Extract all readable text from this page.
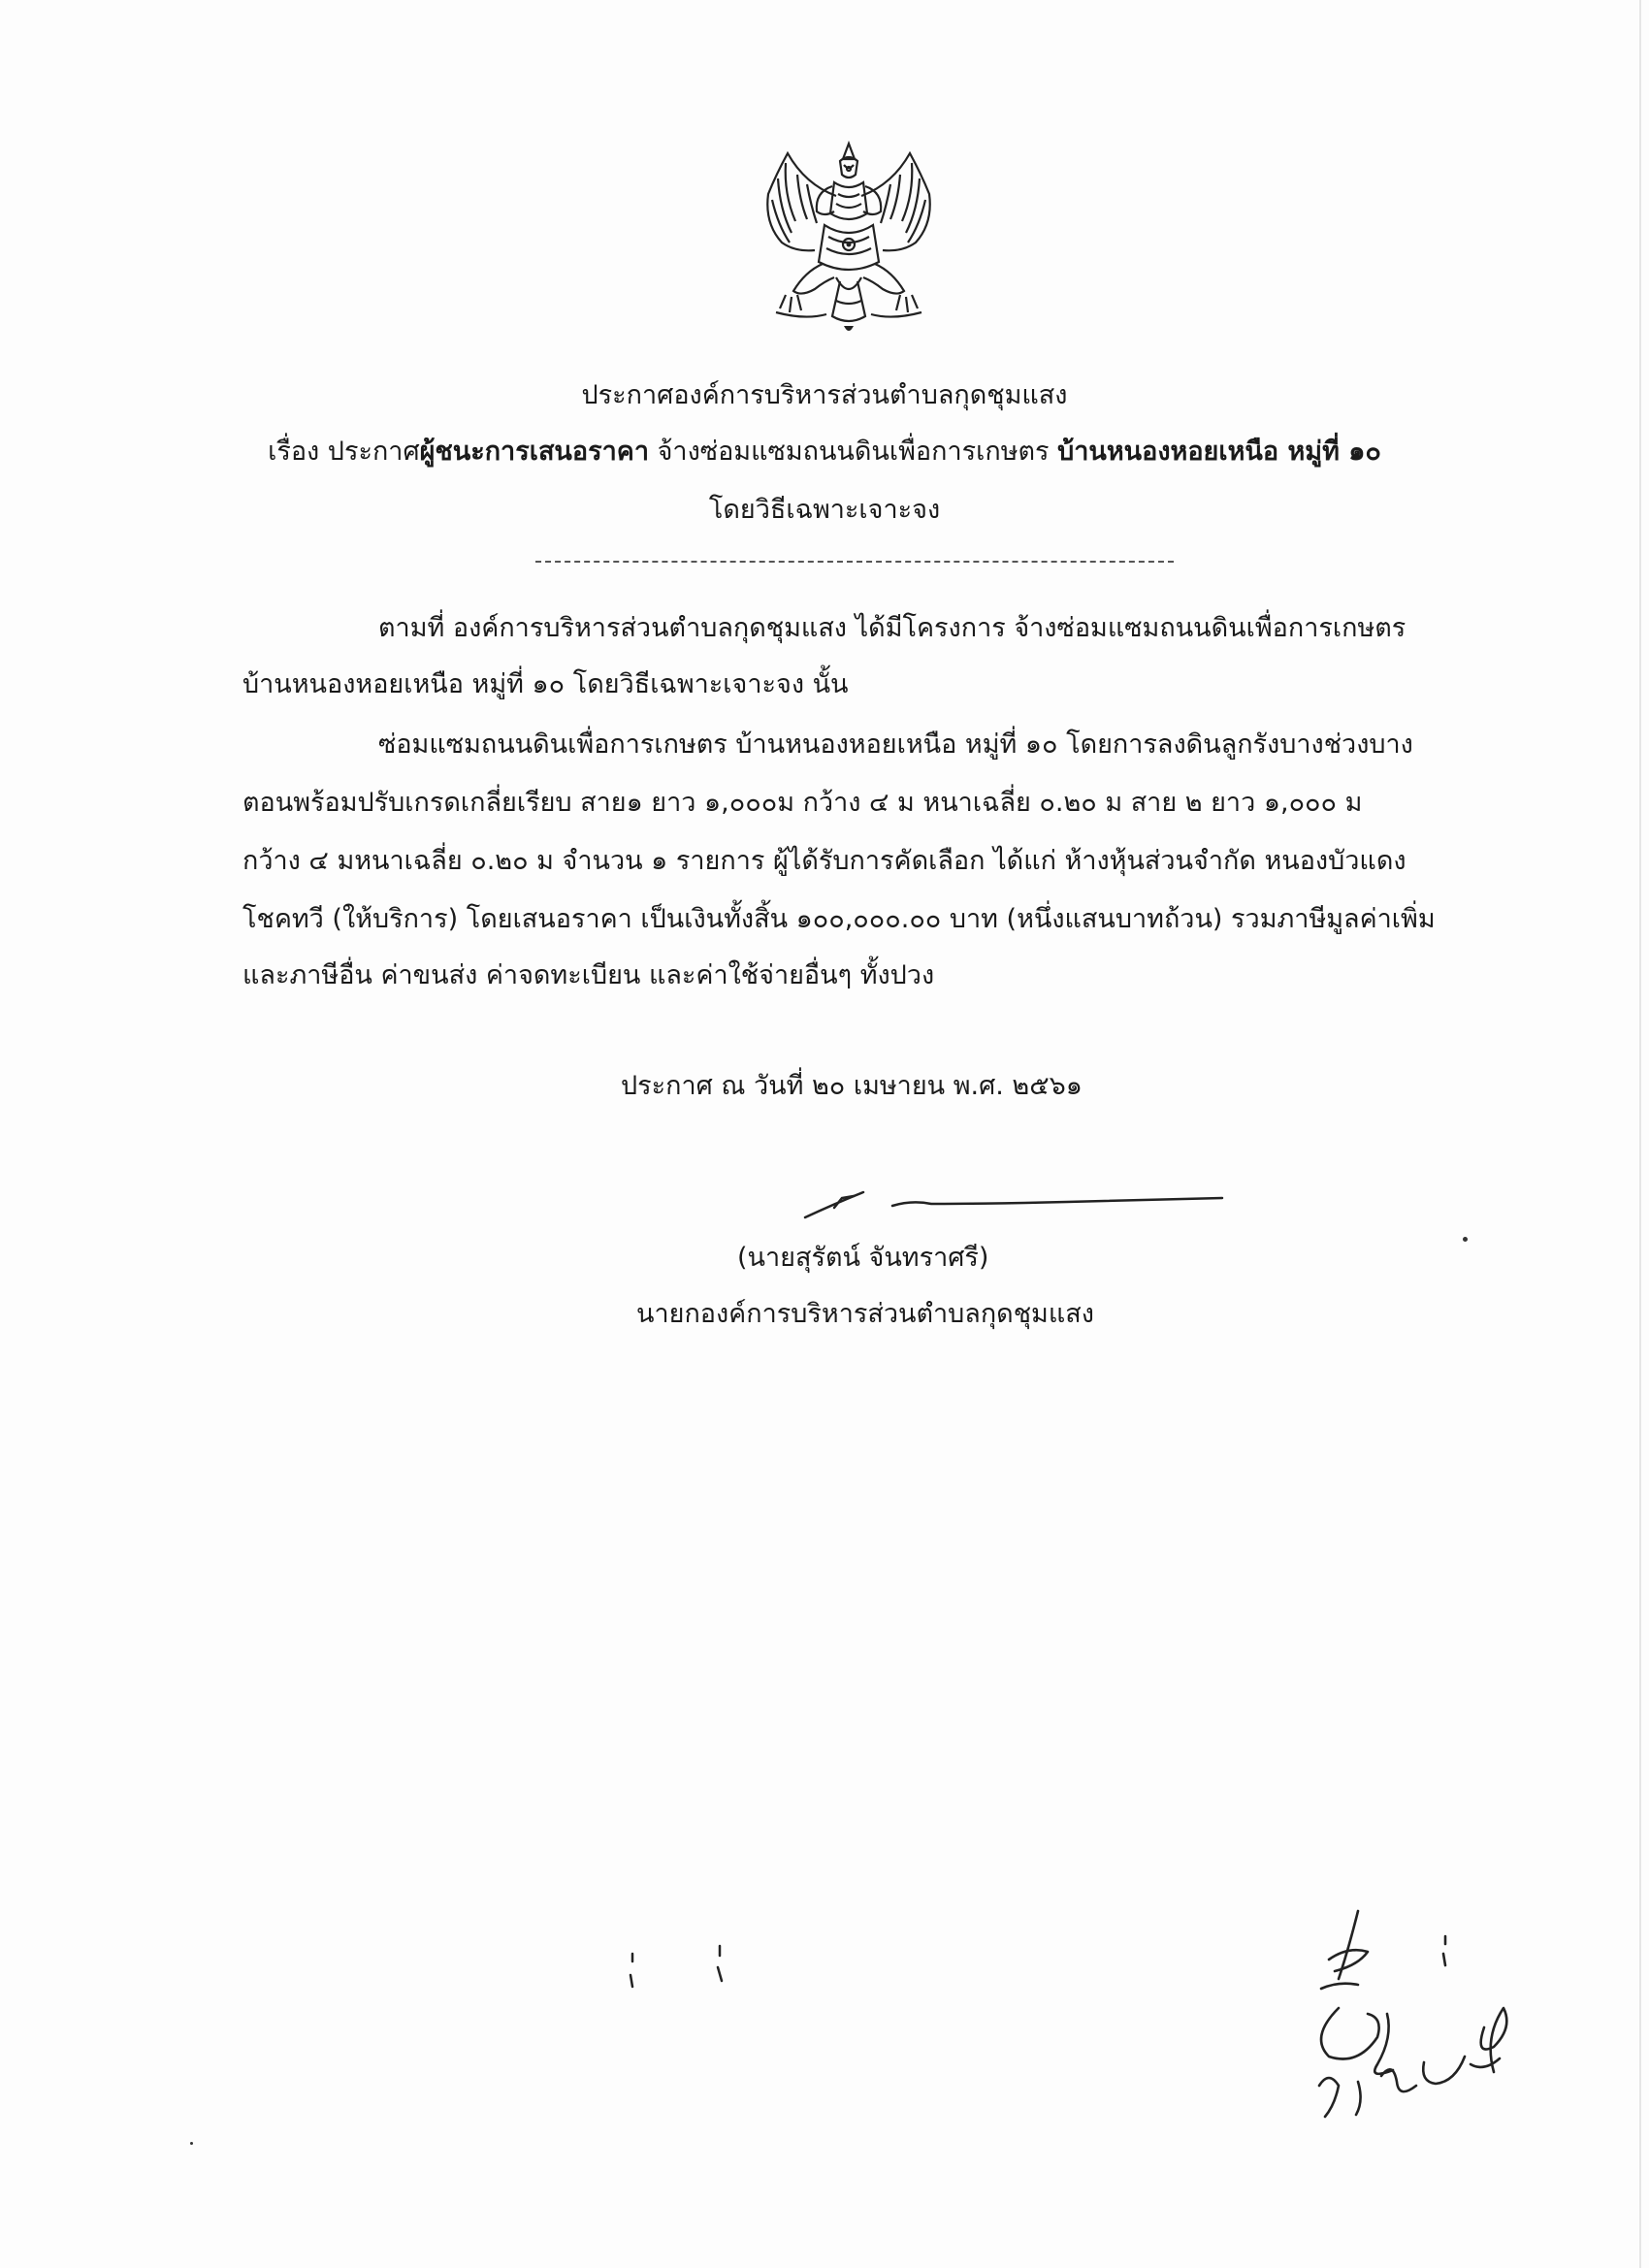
ประกาศองค์การบริหารส่วนตำบลกุดชุมแสง
เรื่อง ประกาศผู้ชนะการเสนอราคา จ้างซ่อมแซมถนนดินเพื่อการเกษตร บ้านหนองหอยเหนือ หมู่ที่ ๑๐
โดยวิธีเฉพาะเจาะจง
ตามที่ องค์การบริหารส่วนตำบลกุดชุมแสง ได้มีโครงการ จ้างซ่อมแซมถนนดินเพื่อการเกษตร
บ้านหนองหอยเหนือ หมู่ที่ ๑๐ โดยวิธีเฉพาะเจาะจง นั้น
ซ่อมแซมถนนดินเพื่อการเกษตร บ้านหนองหอยเหนือ หมู่ที่ ๑๐ โดยการลงดินลูกรังบางช่วงบาง
ตอนพร้อมปรับเกรดเกลี่ยเรียบ สาย๑ ยาว ๑,๐๐๐ม กว้าง ๔ ม หนาเฉลี่ย ๐.๒๐ ม สาย ๒ ยาว ๑,๐๐๐ ม
กว้าง ๔ มหนาเฉลี่ย ๐.๒๐ ม จำนวน ๑ รายการ ผู้ได้รับการคัดเลือก ได้แก่ ห้างหุ้นส่วนจำกัด หนองบัวแดง
โชคทวี (ให้บริการ) โดยเสนอราคา เป็นเงินทั้งสิ้น ๑๐๐,๐๐๐.๐๐ บาท (หนึ่งแสนบาทถ้วน) รวมภาษีมูลค่าเพิ่ม
และภาษีอื่น ค่าขนส่ง ค่าจดทะเบียน และค่าใช้จ่ายอื่นๆ ทั้งปวง
ประกาศ ณ วันที่ ๒๐ เมษายน พ.ศ. ๒๕๖๑
(นายสุรัตน์ จันทราศรี)
นายกองค์การบริหารส่วนตำบลกุดชุมแสง
